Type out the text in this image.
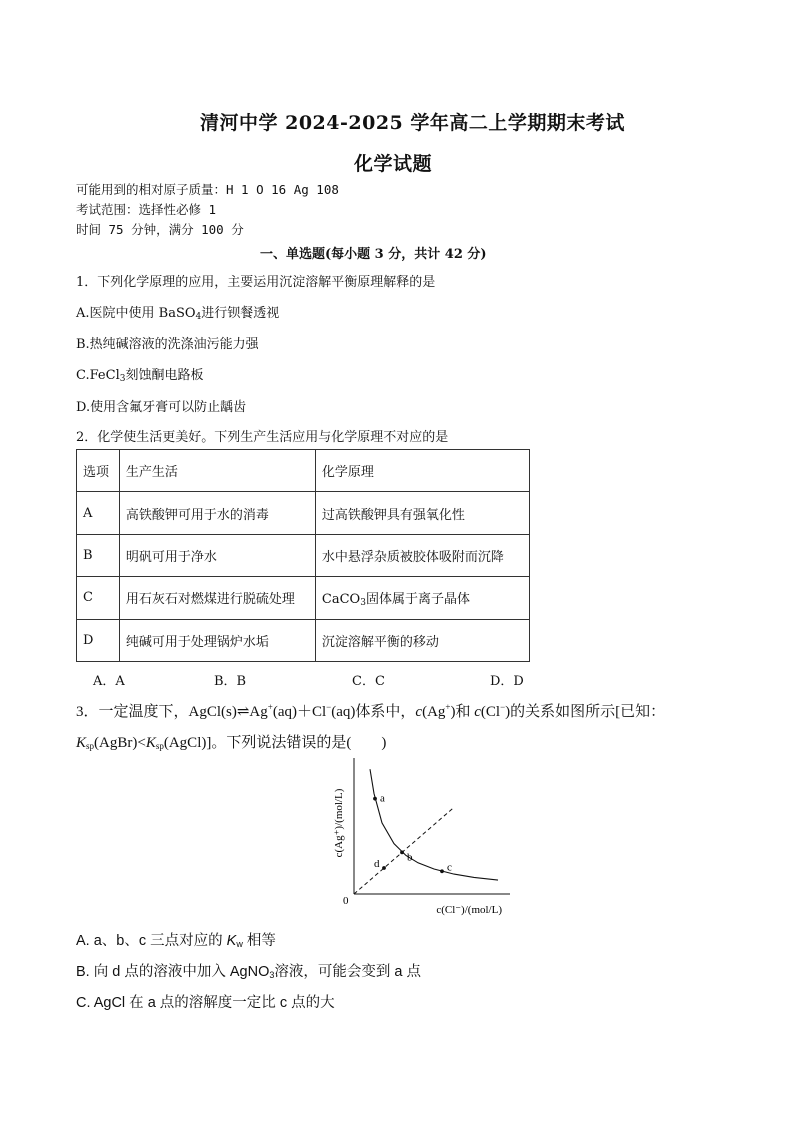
清河中学 2024-2025 学年高二上学期期末考试
化学试题
可能用到的相对原子质量：H 1 O 16 Ag 108
考试范围：选择性必修 1
时间 75 分钟，满分 100 分
一、单选题(每小题 3 分，共计 42 分)
1．下列化学原理的应用，主要运用沉淀溶解平衡原理解释的是
A.医院中使用 BaSO$_4$进行钡餐透视
B.热纯碱溶液的洗涤油污能力强
C.FeCl$_3$刻蚀酮电路板
D.使用含氟牙膏可以防止龋齿
2．化学使生活更美好。下列生产生活应用与化学原理不对应的是
选项	生产生活	化学原理
A	高铁酸钾可用于水的消毒	过高铁酸钾具有强氧化性
B	明矾可用于净水	水中悬浮杂质被胶体吸附而沉降
C	用石灰石对燃煤进行脱硫处理	CaCO$_3$固体属于离子晶体
D	纯碱可用于处理锅炉水垢	沉淀溶解平衡的移动
A．A	B．B	C．C	D．D
3．一定温度下，AgCl(s)⇌Ag+(aq)＋Cl−(aq)体系中，c(Ag+)和 c(Cl−)的关系如图所示[已知：
$K_{sp}(AgBr)<K_{sp}(AgCl)$]。下列说法错误的是(　　)
a
b
c
d
0
c(Cl⁻)/(mol/L)
c(Ag⁺)/(mol/L)
A. a、b、c 三点对应的 $K_w$ 相等
B. 向 d 点的溶液中加入 AgNO$_3$溶液，可能会变到 a 点
C. AgCl 在 a 点的溶解度一定比 c 点的大
